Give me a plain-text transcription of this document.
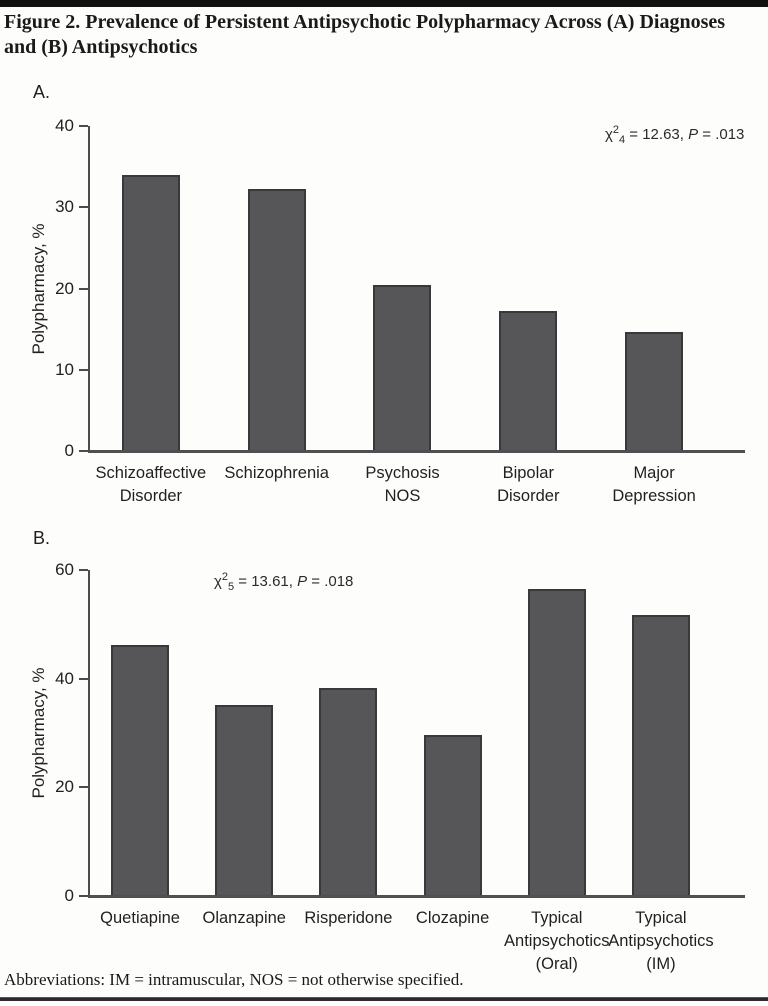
Figure 2. Prevalence of Persistent Antipsychotic Polypharmacy Across (A) Diagnoses
and (B) Antipsychotics
A.
Polypharmacy, %
0
10
20
30
40
Schizoaffective
Disorder
Schizophrenia Psychosis
NOS
Bipolar
Disorder
Major
Depression
$\chi^2_4 = 12.63$, P = .013
B.
Polypharmacy, %
0
20
40
60
Quetiapine Olanzapine Risperidone Clozapine	Typical
Antipsychotics
(Oral)
Typical
Antipsychotics
(IM)
$\chi^2_5 = 13.61$, P = .018
Abbreviations: IM = intramuscular, NOS = not otherwise specified.
